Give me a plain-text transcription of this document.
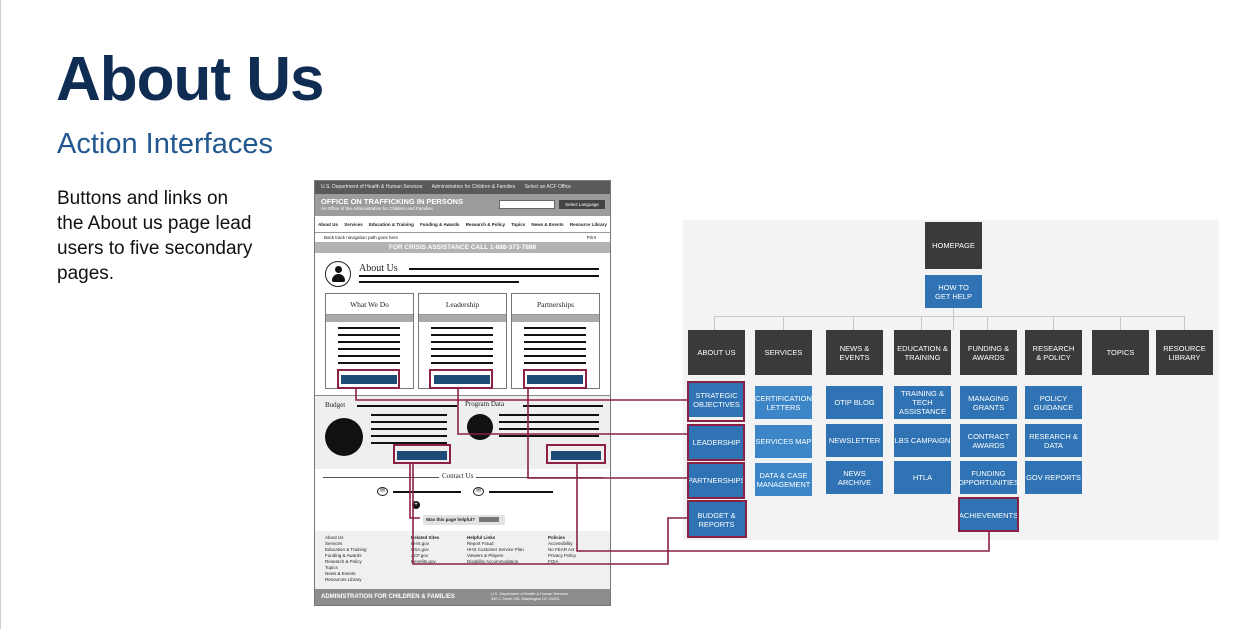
About Us
Action Interfaces
Buttons and links on the About us page lead users to five secondary pages.
U.S. Department of Health & Human Services Administration for Children & Families Select an ACF Office
OFFICE ON TRAFFICKING IN PERSONS
An Office of the Administration for Children and Families
Select Language
About Us Services Education & Training Funding & Awards Research & Policy Topics News & Events Resource Library
Back track navigation path goes here	Print
FOR CRISIS ASSISTANCE CALL 1-888-373-7888
About Us
What We Do	Leadership	Partnerships
Budget	Program Data
Contact Us
✉	✉
+
Was this page helpful?
About Us
Services
Education & Training
Funding & Awards
Research & Policy
Topics
News & Events
Resources Library
Related Sites
HHS.gov
USA.gov
ACF.gov
Benefits.gov
Helpful Links
Report Fraud
HHS Customer Service Plan
Viewers & Players
Disability Accommodation
Policies
Accessibility
No FEAR Act
Privacy Policy
FOIA
ADMINISTRATION FOR CHILDREN & FAMILIES	U.S. Department of Health & Human Services
330 C Street SW, Washington DC 20201
HOMEPAGE
HOW TO GET HELP
ABOUT US	SERVICES	NEWS & EVENTS
EDUCATION & TRAINING
FUNDING & AWARDS
RESEARCH & POLICY	TOPICS	RESOURCE LIBRARY
STRATEGIC OBJECTIVES
LEADERSHIP
PARTNERSHIPS
BUDGET & REPORTS
CERTIFICATION LETTERS
SERVICES MAP
DATA & CASE MANAGEMENT
OTIP BLOG
NEWSLETTER
NEWS ARCHIVE
TRAINING & TECH ASSISTANCE
LBS CAMPAIGN
HTLA
MANAGING GRANTS
CONTRACT AWARDS
FUNDING OPPORTUNITIES
ACHIEVEMENTS
POLICY GUIDANCE
RESEARCH & DATA
GOV REPORTS
